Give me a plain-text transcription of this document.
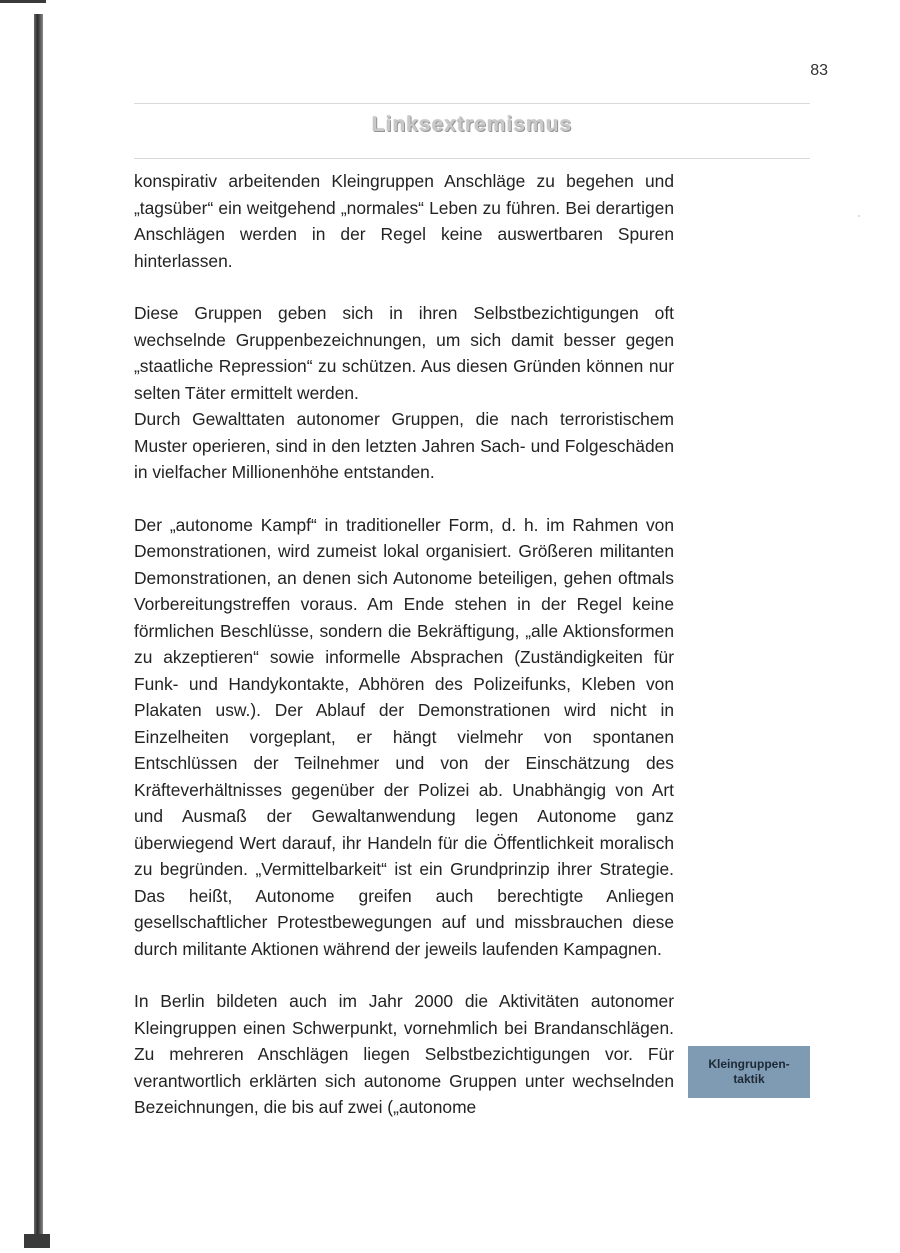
83
Linksextremismus

konspirativ arbeitenden Kleingruppen Anschläge zu begehen und „tagsüber“ ein weitgehend „normales“ Leben zu führen. Bei derartigen Anschlägen werden in der Regel keine auswertbaren Spuren hinterlassen.

Diese Gruppen geben sich in ihren Selbstbezichtigungen oft wechselnde Gruppenbezeichnungen, um sich damit besser gegen „staatliche Repression“ zu schützen. Aus diesen Gründen können nur selten Täter ermittelt werden.

Durch Gewalttaten autonomer Gruppen, die nach terroristischem Muster operieren, sind in den letzten Jahren Sach- und Folgeschäden in vielfacher Millionenhöhe entstanden.

Der „autonome Kampf“ in traditioneller Form, d. h. im Rahmen von Demonstrationen, wird zumeist lokal organisiert. Größeren militanten Demonstrationen, an denen sich Autonome beteiligen, gehen oftmals Vorbereitungstreffen voraus. Am Ende stehen in der Regel keine förmlichen Beschlüsse, sondern die Bekräftigung, „alle Aktionsformen zu akzeptieren“ sowie informelle Absprachen (Zuständigkeiten für Funk- und Handykontakte, Abhören des Polizeifunks, Kleben von Plakaten usw.). Der Ablauf der Demonstrationen wird nicht in Einzelheiten vorgeplant, er hängt vielmehr von spontanen Entschlüssen der Teilnehmer und von der Einschätzung des Kräfteverhältnisses gegenüber der Polizei ab. Unabhängig von Art und Ausmaß der Gewaltanwendung legen Autonome ganz überwiegend Wert darauf, ihr Handeln für die Öffentlichkeit moralisch zu begründen. „Vermittelbarkeit“ ist ein Grundprinzip ihrer Strategie. Das heißt, Autonome greifen auch berechtigte Anliegen gesellschaftlicher Protestbewegungen auf und missbrauchen diese durch militante Aktionen während der jeweils laufenden Kampagnen.

In Berlin bildeten auch im Jahr 2000 die Aktivitäten autonomer Kleingruppen einen Schwerpunkt, vornehmlich bei Brandanschlägen. Zu mehreren Anschlägen liegen Selbstbezichtigungen vor. Für verantwortlich erklärten sich autonome Gruppen unter wechselnden Bezeichnungen, die bis auf zwei („autonome

Kleingruppentaktik
